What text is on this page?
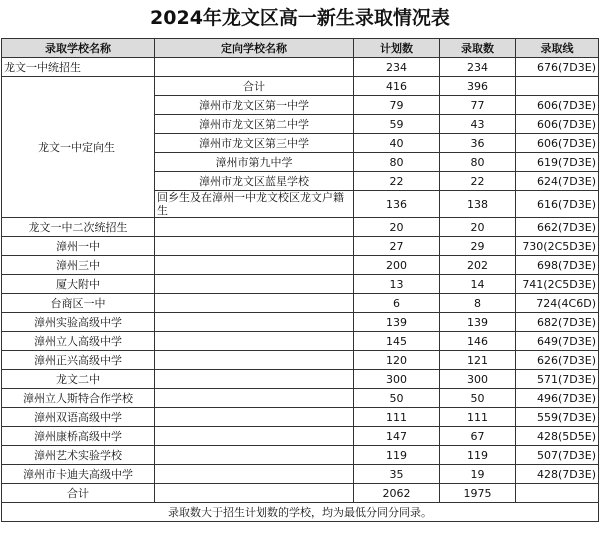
2024年龙文区高一新生录取情况表
录取学校名称	定向学校名称	计划数	录取数	录取线
龙文一中统招生		234	234	676(7D3E)
龙文一中定向生	合计	416	396	
	漳州市龙文区第一中学	79	77	606(7D3E)
	漳州市龙文区第二中学	59	43	606(7D3E)
	漳州市龙文区第三中学	40	36	606(7D3E)
	漳州市第九中学	80	80	619(7D3E)
	漳州市龙文区蓝星学校	22	22	624(7D3E)
	回乡生及在漳州一中龙文校区龙文户籍生	136	138	616(7D3E)
龙文一中二次统招生		20	20	662(7D3E)
漳州一中		27	29	730(2C5D3E)
漳州三中		200	202	698(7D3E)
厦大附中		13	14	741(2C5D3E)
台商区一中		6	8	724(4C6D)
漳州实验高级中学		139	139	682(7D3E)
漳州立人高级中学		145	146	649(7D3E)
漳州正兴高级中学		120	121	626(7D3E)
龙文二中		300	300	571(7D3E)
漳州立人斯特合作学校		50	50	496(7D3E)
漳州双语高级中学		111	111	559(7D3E)
漳州康桥高级中学		147	67	428(5D5E)
漳州艺术实验学校		119	119	507(7D3E)
漳州市卡迪夫高级中学		35	19	428(7D3E)
合计		2062	1975	
录取数大于招生计划数的学校，均为最低分同分同录。				
